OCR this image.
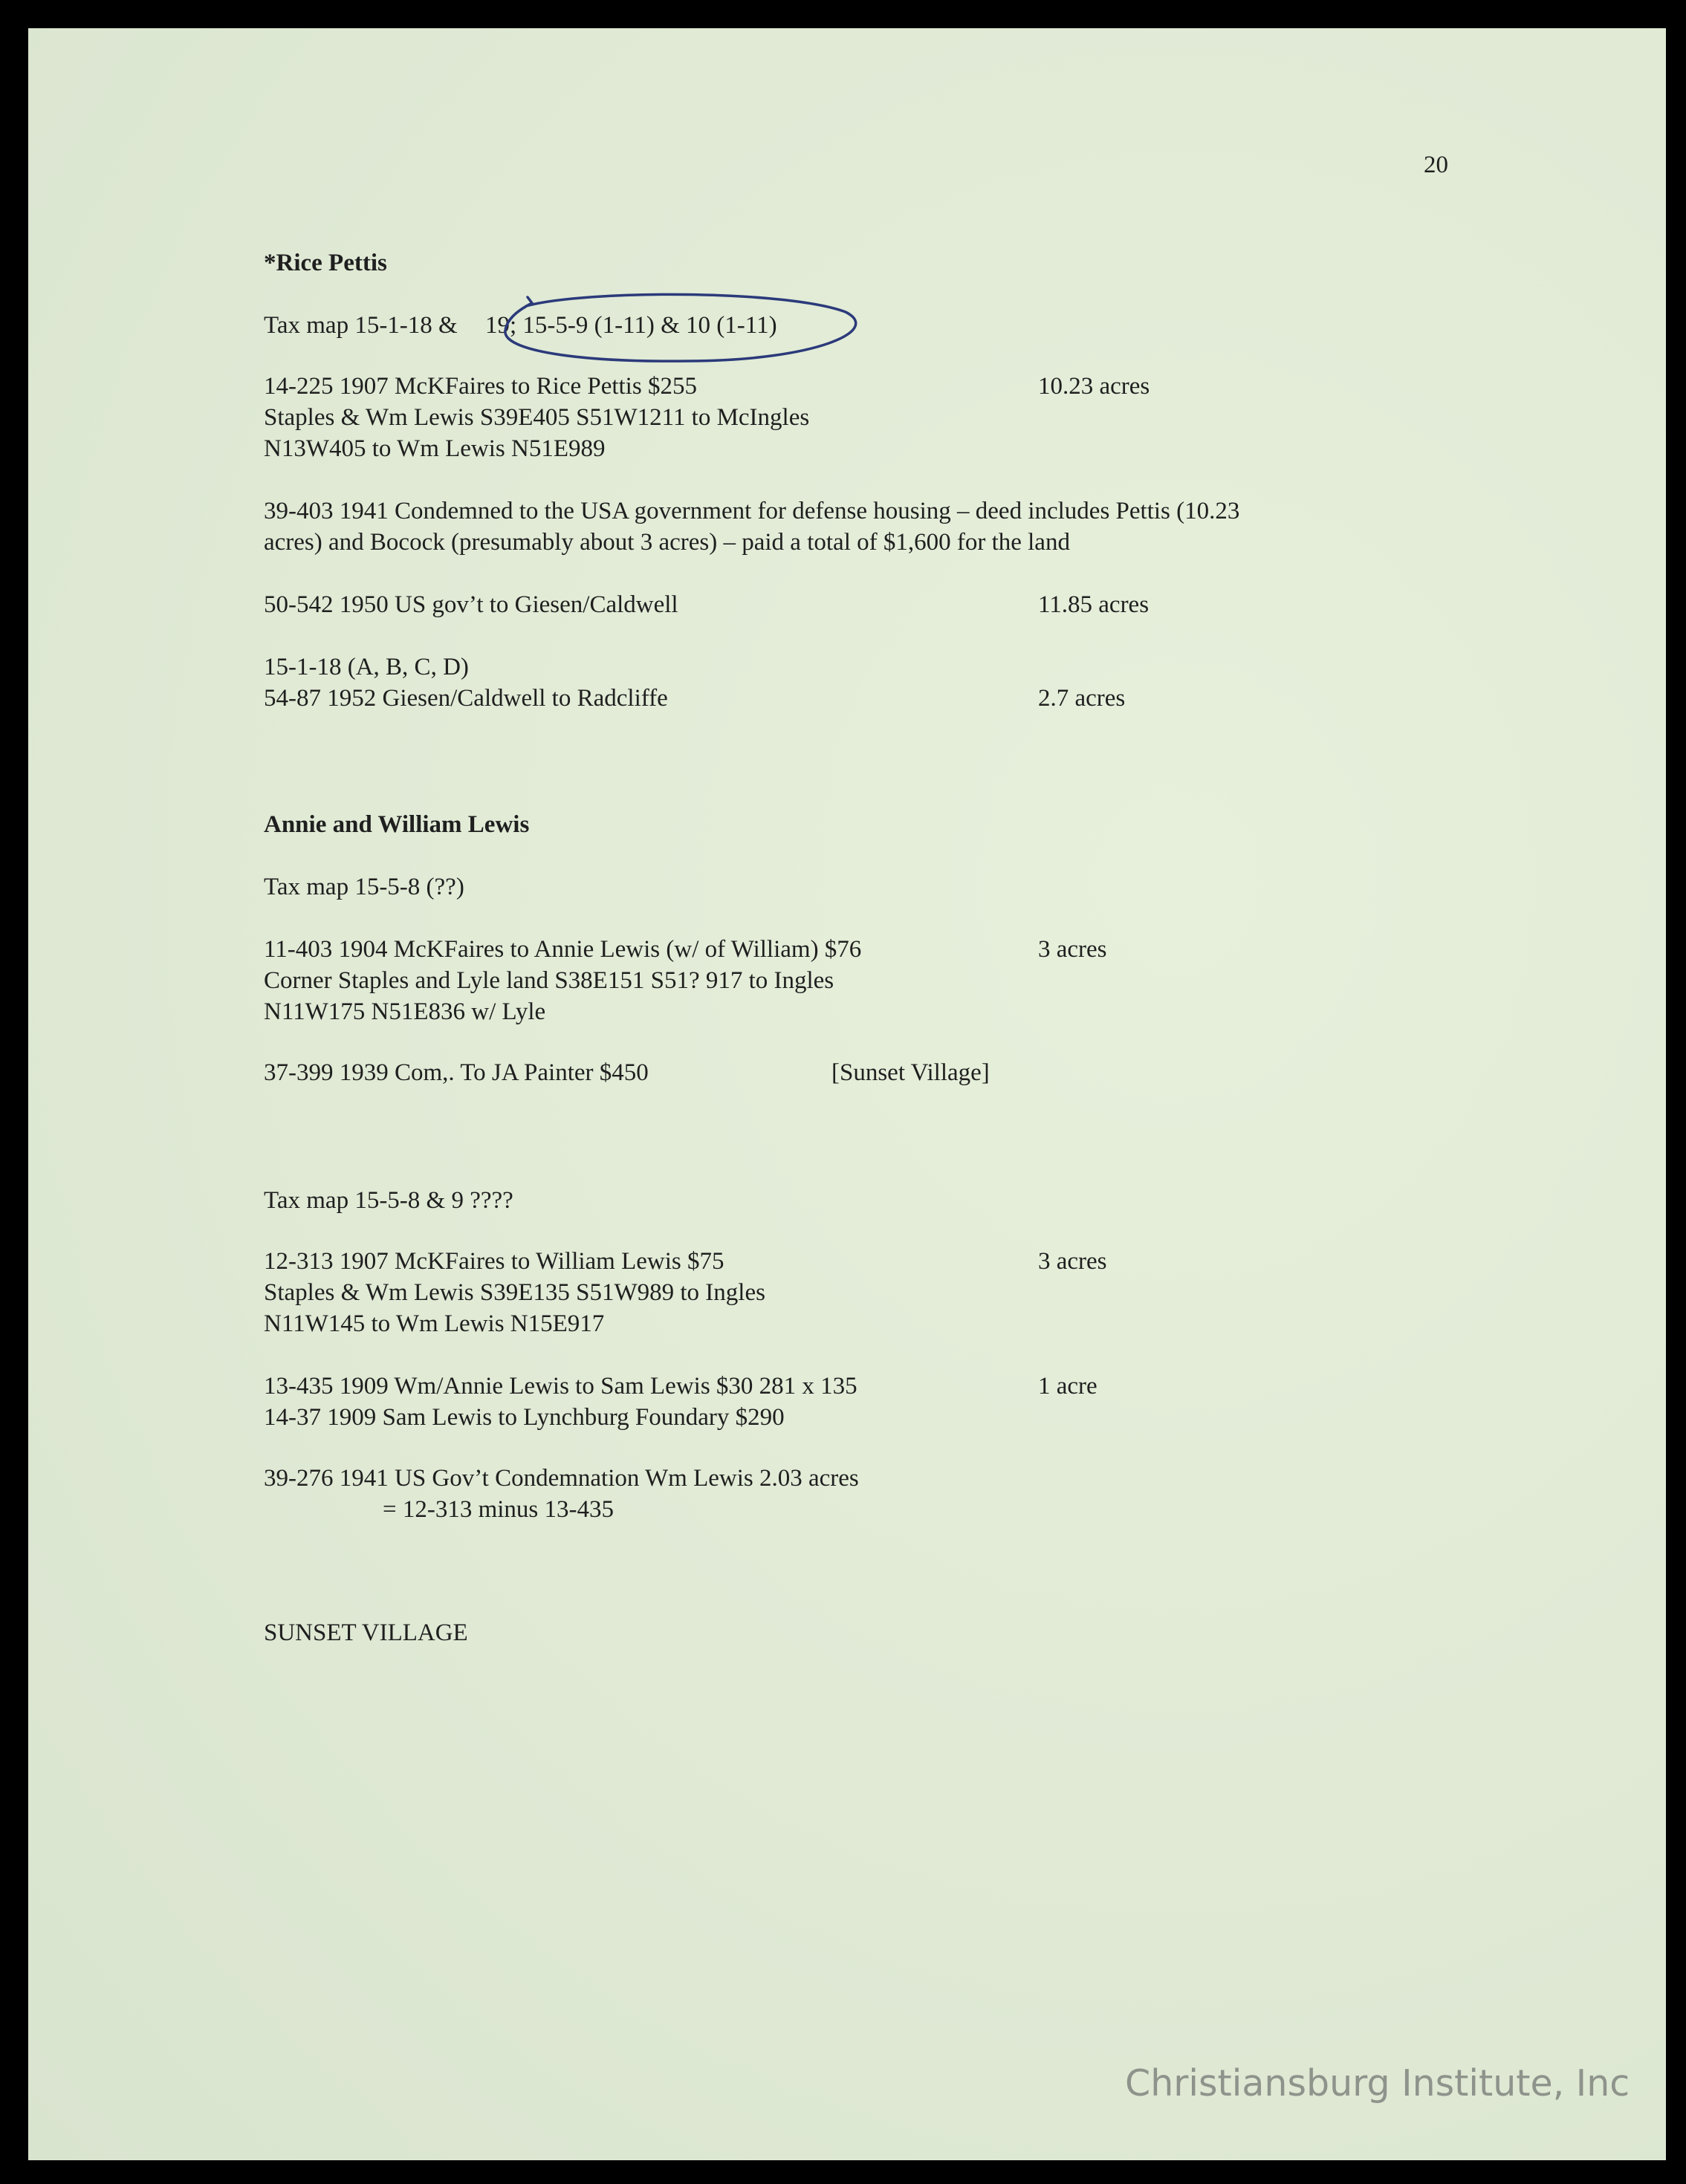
20
*Rice Pettis
Tax map 15-1-18 & 19; 15-5-9 (1-11) & 10 (1-11)
14-225 1907 McKFaires to Rice Pettis $255	10.23 acres
Staples & Wm Lewis S39E405 S51W1211 to McIngles
N13W405 to Wm Lewis N51E989
39-403 1941 Condemned to the USA government for defense housing – deed includes Pettis (10.23
acres) and Bocock (presumably about 3 acres) – paid a total of $1,600 for the land
50-542 1950 US gov’t to Giesen/Caldwell	11.85 acres
15-1-18 (A, B, C, D)
54-87 1952 Giesen/Caldwell to Radcliffe	2.7 acres
Annie and William Lewis
Tax map 15-5-8 (??)
11-403 1904 McKFaires to Annie Lewis (w/ of William) $76	3 acres
Corner Staples and Lyle land S38E151 S51? 917 to Ingles
N11W175 N51E836 w/ Lyle
37-399 1939 Com,. To JA Painter $450	[Sunset Village]
Tax map 15-5-8 & 9 ????
12-313 1907 McKFaires to William Lewis $75	3 acres
Staples & Wm Lewis S39E135 S51W989 to Ingles
N11W145 to Wm Lewis N15E917
13-435 1909 Wm/Annie Lewis to Sam Lewis $30 281 x 135	1 acre
14-37 1909 Sam Lewis to Lynchburg Foundary $290
39-276 1941 US Gov’t Condemnation Wm Lewis 2.03 acres
= 12-313 minus 13-435
SUNSET VILLAGE
Christiansburg Institute, Inc
